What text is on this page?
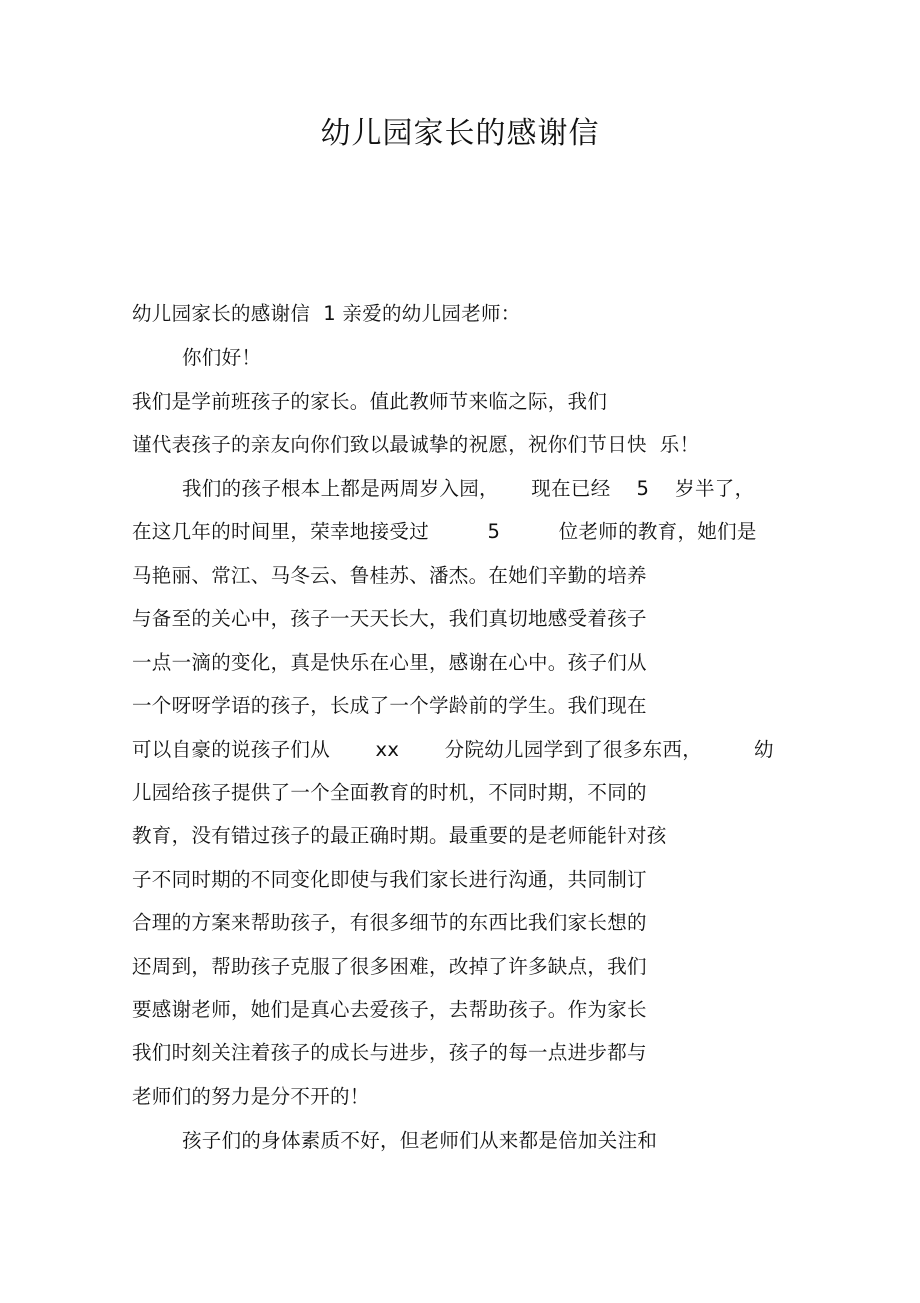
幼儿园家长的感谢信
幼儿园家长的感谢信  1 亲爱的幼儿园老师：
你们好！
我们是学前班孩子的家长。值此教师节来临之际，我们
谨代表孩子的亲友向你们致以最诚挚的祝愿，祝你们节日快  乐！
我们的孩子根本上都是两周岁入园，     现在已经    5    岁半了，
在这几年的时间里，荣幸地接受过         5         位老师的教育，她们是
马艳丽、常江、马冬云、鲁桂苏、潘杰。在她们辛勤的培养
与备至的关心中，孩子一天天长大，我们真切地感受着孩子
一点一滴的变化，真是快乐在心里，感谢在心中。孩子们从
一个呀呀学语的孩子，长成了一个学龄前的学生。我们现在
可以自豪的说孩子们从       xx       分院幼儿园学到了很多东西，        幼
儿园给孩子提供了一个全面教育的时机，不同时期，不同的
教育，没有错过孩子的最正确时期。最重要的是老师能针对孩
子不同时期的不同变化即使与我们家长进行沟通，共同制订
合理的方案来帮助孩子，有很多细节的东西比我们家长想的
还周到，帮助孩子克服了很多困难，改掉了许多缺点，我们
要感谢老师，她们是真心去爱孩子，去帮助孩子。作为家长
我们时刻关注着孩子的成长与进步，孩子的每一点进步都与
老师们的努力是分不开的！
孩子们的身体素质不好，但老师们从来都是倍加关注和
